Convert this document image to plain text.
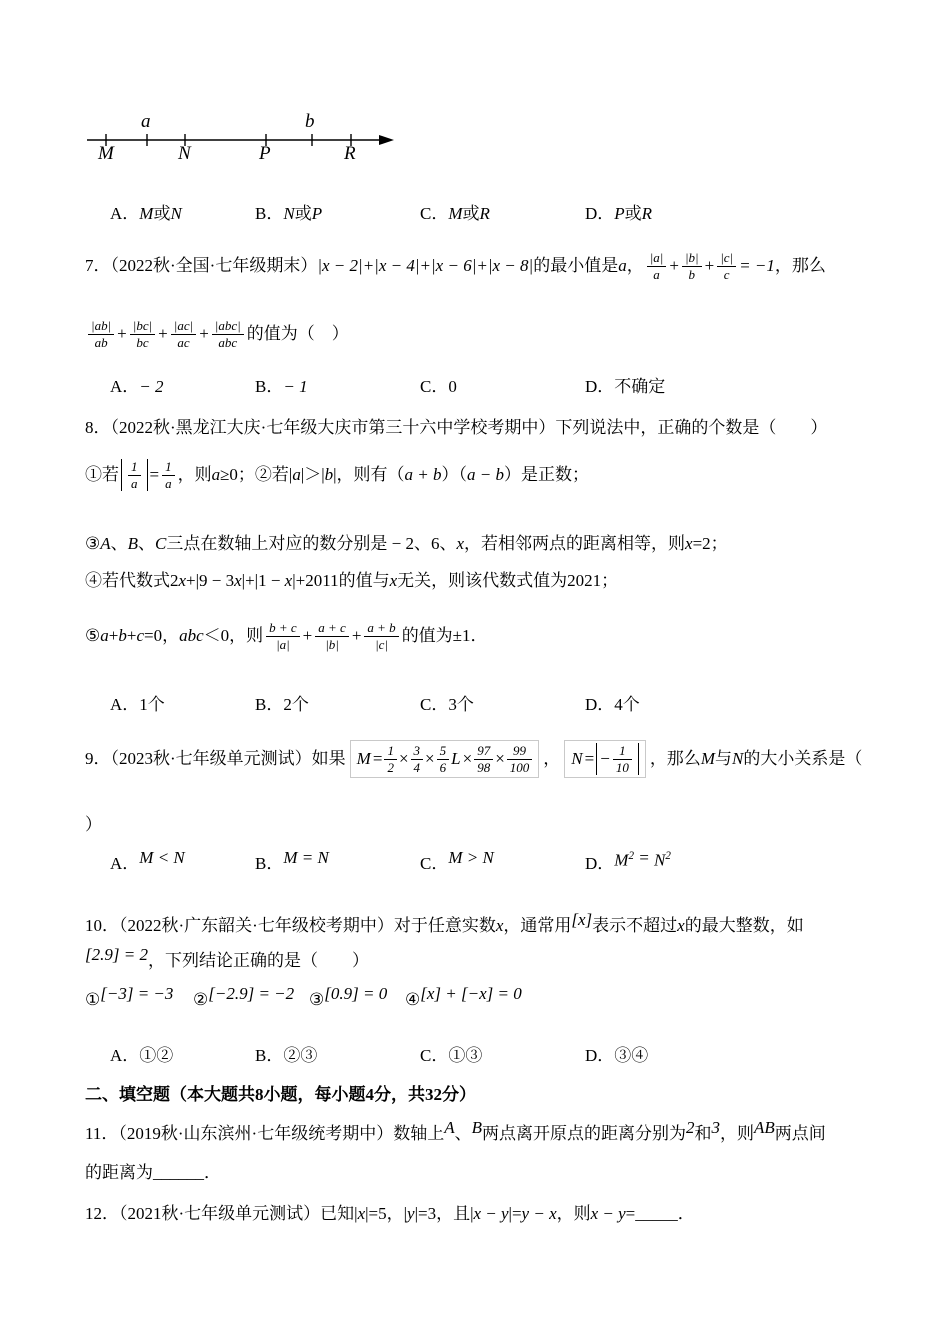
a	b
M	N	P	R
A． M 或 N	B． N 或 P	C． M 或 R	D． P 或 R
7．（2022秋·全国·七年级期末） |x − 2|+|x − 4|+|x − 6|+|x − 8| 的最小值是 a ， $\frac{|a|}{a} + \frac{|b|}{b} + \frac{|c|}{c} = -1$ ，那么
$\frac{|ab|}{ab} + \frac{|bc|}{bc} + \frac{|ac|}{ac} + \frac{\text{|abc|}}{\text{abc}}$ 的值为（　）
A． − 2	B． − 1	C． 0	D． 不确定
8．（2022秋·黑龙江大庆·七年级大庆市第三十六中学校考期中）下列说法中，正确的个数是（　　）
①若 $\frac{1}{a} = \frac{1}{a}$ ，则 a ≥0；②若| a |＞| b |，则有（ a + b ）（ a − b ）是正数；
③ A 、 B 、 C 三点在数轴上对应的数分别是 − 2、6、 x ，若相邻两点的距离相等，则 x =2；
④若代数式2 x +|9 − 3 x |+|1 − x |+2011的值与 x 无关，则该代数式值为2021；
⑤ a + b + c =0， abc ＜0，则 $\frac{b + c}{|a|} + \frac{a + c}{|b|} + \frac{a + b}{|c|}$ 的值为±1．
A．1个	B．2个	C．3个	D．4个
9．（2023秋·七年级单元测试）如果 $M = \frac{1}{2} \times \frac{3}{4} \times \frac{5}{6}$ $L \times \frac{97}{98} \times \frac{99}{100}$ ， N = − $\frac{1}{10}$ ，那么 M 与 N 的大小关系是（
）
A． M < N	B． M = N	C． M > N	D． $M^2 = N^2$
10．（2022秋·广东韶关·七年级校考期中）对于任意实数 x ，通常用 [x] 表示不超过 x 的最大整数，如
[2.9] = 2 ，下列结论正确的是（　　）
① [−3] = −3 ② [−2.9] = −2 ③ [0.9] = 0 ④ [x] + [−x] = 0
A．①②	B．②③	C．①③	D．③④
二、填空题（本大题共8小题，每小题4分，共32分）
11．（2019秋·山东滨州·七年级统考期中）数轴上 A 、 B 两点离开原点的距离分别为 2 和 3 ，则 AB 两点间
的距离为______．
12．（2021秋·七年级单元测试）已知| x |=5，| y |=3，且| x − y |= y − x ，则 x − y =_____．
